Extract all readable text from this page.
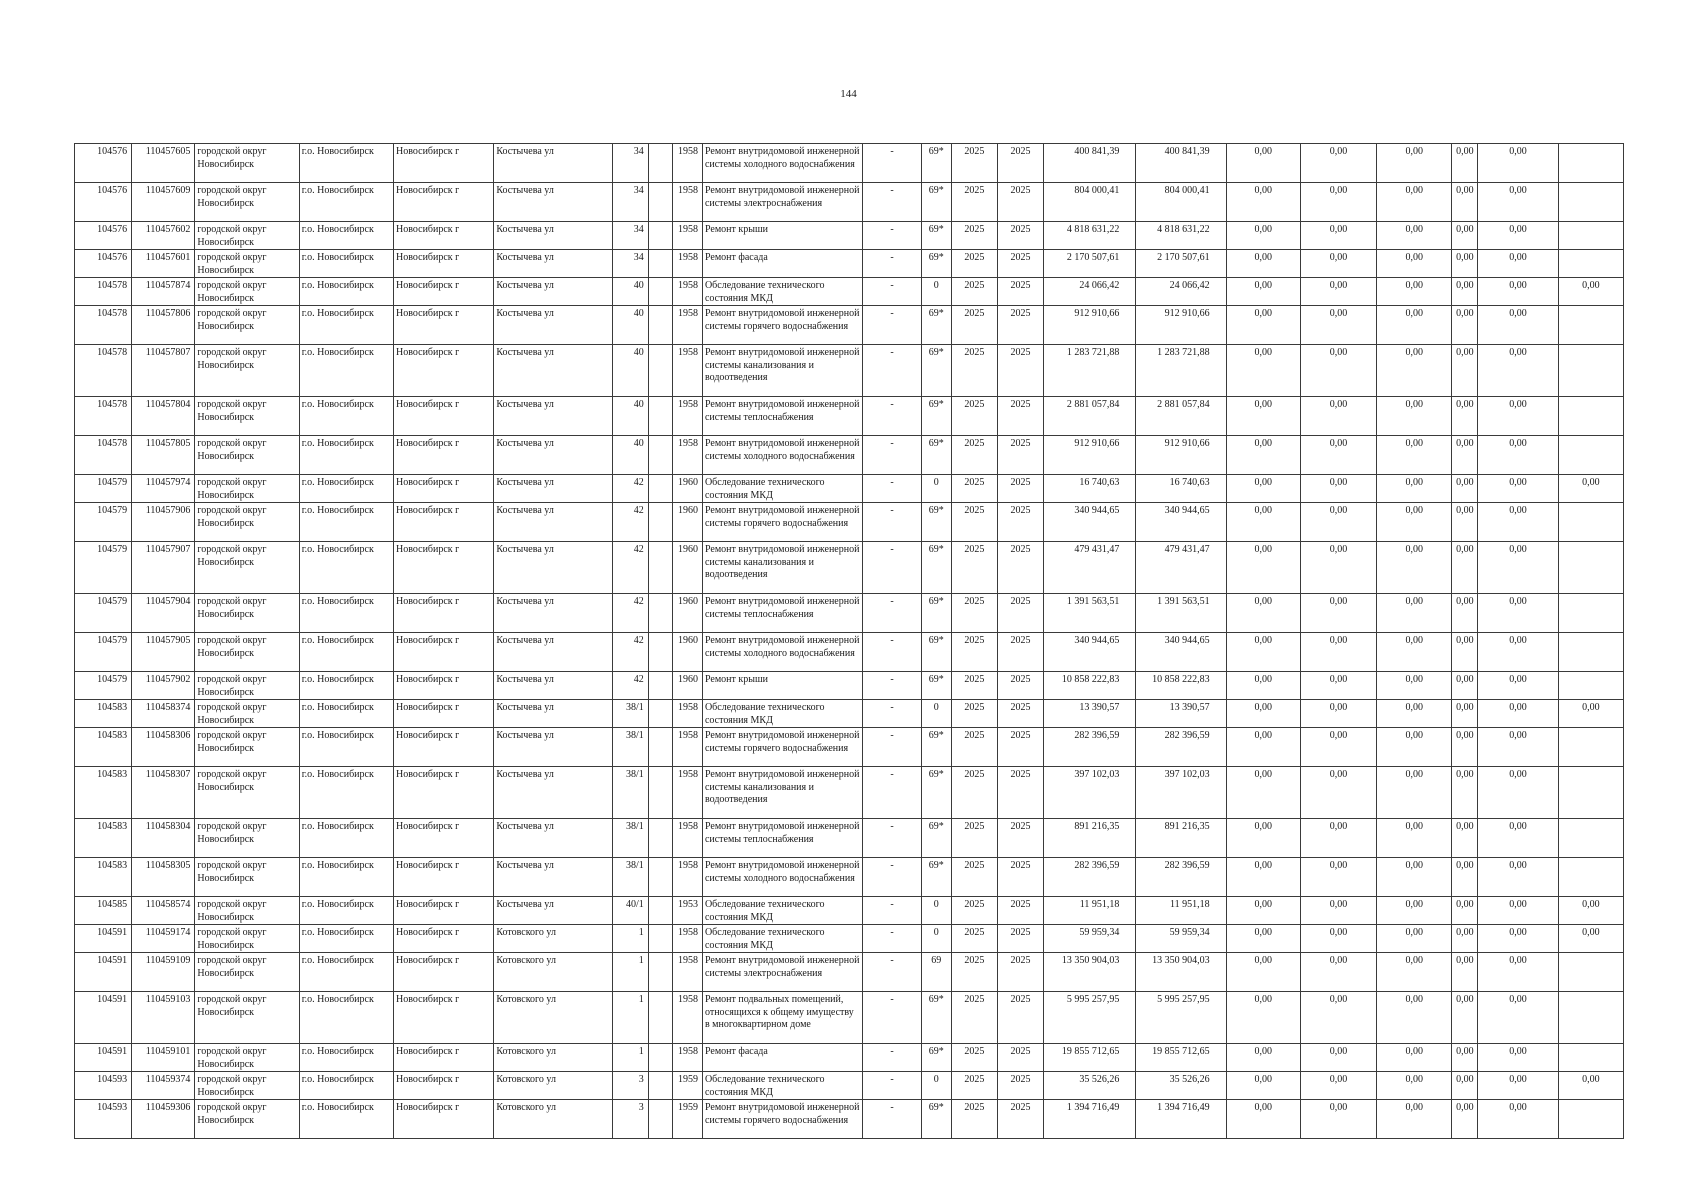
144
104576	110457605	городской округ Новосибирск	г.о. Новосибирск	Новосибирск г	Костычева ул	34		1958	Ремонт внутридомовой инженерной системы холодного водоснабжения	-	69*	2025	2025	400 841,39	400 841,39	0,00	0,00	0,00	0,00	0,00	
104576	110457609	городской округ Новосибирск	г.о. Новосибирск	Новосибирск г	Костычева ул	34		1958	Ремонт внутридомовой инженерной системы электроснабжения	-	69*	2025	2025	804 000,41	804 000,41	0,00	0,00	0,00	0,00	0,00	
104576	110457602	городской округ Новосибирск	г.о. Новосибирск	Новосибирск г	Костычева ул	34		1958	Ремонт крыши	-	69*	2025	2025	4 818 631,22	4 818 631,22	0,00	0,00	0,00	0,00	0,00	
104576	110457601	городской округ Новосибирск	г.о. Новосибирск	Новосибирск г	Костычева ул	34		1958	Ремонт фасада	-	69*	2025	2025	2 170 507,61	2 170 507,61	0,00	0,00	0,00	0,00	0,00	
104578	110457874	городской округ Новосибирск	г.о. Новосибирск	Новосибирск г	Костычева ул	40		1958	Обследование технического состояния МКД	-	0	2025	2025	24 066,42	24 066,42	0,00	0,00	0,00	0,00	0,00	0,00
104578	110457806	городской округ Новосибирск	г.о. Новосибирск	Новосибирск г	Костычева ул	40		1958	Ремонт внутридомовой инженерной системы горячего водоснабжения	-	69*	2025	2025	912 910,66	912 910,66	0,00	0,00	0,00	0,00	0,00	
104578	110457807	городской округ Новосибирск	г.о. Новосибирск	Новосибирск г	Костычева ул	40		1958	Ремонт внутридомовой инженерной системы канализования и водоотведения	-	69*	2025	2025	1 283 721,88	1 283 721,88	0,00	0,00	0,00	0,00	0,00	
104578	110457804	городской округ Новосибирск	г.о. Новосибирск	Новосибирск г	Костычева ул	40		1958	Ремонт внутридомовой инженерной системы теплоснабжения	-	69*	2025	2025	2 881 057,84	2 881 057,84	0,00	0,00	0,00	0,00	0,00	
104578	110457805	городской округ Новосибирск	г.о. Новосибирск	Новосибирск г	Костычева ул	40		1958	Ремонт внутридомовой инженерной системы холодного водоснабжения	-	69*	2025	2025	912 910,66	912 910,66	0,00	0,00	0,00	0,00	0,00	
104579	110457974	городской округ Новосибирск	г.о. Новосибирск	Новосибирск г	Костычева ул	42		1960	Обследование технического состояния МКД	-	0	2025	2025	16 740,63	16 740,63	0,00	0,00	0,00	0,00	0,00	0,00
104579	110457906	городской округ Новосибирск	г.о. Новосибирск	Новосибирск г	Костычева ул	42		1960	Ремонт внутридомовой инженерной системы горячего водоснабжения	-	69*	2025	2025	340 944,65	340 944,65	0,00	0,00	0,00	0,00	0,00	
104579	110457907	городской округ Новосибирск	г.о. Новосибирск	Новосибирск г	Костычева ул	42		1960	Ремонт внутридомовой инженерной системы канализования и водоотведения	-	69*	2025	2025	479 431,47	479 431,47	0,00	0,00	0,00	0,00	0,00	
104579	110457904	городской округ Новосибирск	г.о. Новосибирск	Новосибирск г	Костычева ул	42		1960	Ремонт внутридомовой инженерной системы теплоснабжения	-	69*	2025	2025	1 391 563,51	1 391 563,51	0,00	0,00	0,00	0,00	0,00	
104579	110457905	городской округ Новосибирск	г.о. Новосибирск	Новосибирск г	Костычева ул	42		1960	Ремонт внутридомовой инженерной системы холодного водоснабжения	-	69*	2025	2025	340 944,65	340 944,65	0,00	0,00	0,00	0,00	0,00	
104579	110457902	городской округ Новосибирск	г.о. Новосибирск	Новосибирск г	Костычева ул	42		1960	Ремонт крыши	-	69*	2025	2025	10 858 222,83	10 858 222,83	0,00	0,00	0,00	0,00	0,00	
104583	110458374	городской округ Новосибирск	г.о. Новосибирск	Новосибирск г	Костычева ул	38/1		1958	Обследование технического состояния МКД	-	0	2025	2025	13 390,57	13 390,57	0,00	0,00	0,00	0,00	0,00	0,00
104583	110458306	городской округ Новосибирск	г.о. Новосибирск	Новосибирск г	Костычева ул	38/1		1958	Ремонт внутридомовой инженерной системы горячего водоснабжения	-	69*	2025	2025	282 396,59	282 396,59	0,00	0,00	0,00	0,00	0,00	
104583	110458307	городской округ Новосибирск	г.о. Новосибирск	Новосибирск г	Костычева ул	38/1		1958	Ремонт внутридомовой инженерной системы канализования и водоотведения	-	69*	2025	2025	397 102,03	397 102,03	0,00	0,00	0,00	0,00	0,00	
104583	110458304	городской округ Новосибирск	г.о. Новосибирск	Новосибирск г	Костычева ул	38/1		1958	Ремонт внутридомовой инженерной системы теплоснабжения	-	69*	2025	2025	891 216,35	891 216,35	0,00	0,00	0,00	0,00	0,00	
104583	110458305	городской округ Новосибирск	г.о. Новосибирск	Новосибирск г	Костычева ул	38/1		1958	Ремонт внутридомовой инженерной системы холодного водоснабжения	-	69*	2025	2025	282 396,59	282 396,59	0,00	0,00	0,00	0,00	0,00	
104585	110458574	городской округ Новосибирск	г.о. Новосибирск	Новосибирск г	Костычева ул	40/1		1953	Обследование технического состояния МКД	-	0	2025	2025	11 951,18	11 951,18	0,00	0,00	0,00	0,00	0,00	0,00
104591	110459174	городской округ Новосибирск	г.о. Новосибирск	Новосибирск г	Котовского ул	1		1958	Обследование технического состояния МКД	-	0	2025	2025	59 959,34	59 959,34	0,00	0,00	0,00	0,00	0,00	0,00
104591	110459109	городской округ Новосибирск	г.о. Новосибирск	Новосибирск г	Котовского ул	1		1958	Ремонт внутридомовой инженерной системы электроснабжения	-	69	2025	2025	13 350 904,03	13 350 904,03	0,00	0,00	0,00	0,00	0,00	
104591	110459103	городской округ Новосибирск	г.о. Новосибирск	Новосибирск г	Котовского ул	1		1958	Ремонт подвальных помещений, относящихся к общему имуществу в многоквартирном доме	-	69*	2025	2025	5 995 257,95	5 995 257,95	0,00	0,00	0,00	0,00	0,00	
104591	110459101	городской округ Новосибирск	г.о. Новосибирск	Новосибирск г	Котовского ул	1		1958	Ремонт фасада	-	69*	2025	2025	19 855 712,65	19 855 712,65	0,00	0,00	0,00	0,00	0,00	
104593	110459374	городской округ Новосибирск	г.о. Новосибирск	Новосибирск г	Котовского ул	3		1959	Обследование технического состояния МКД	-	0	2025	2025	35 526,26	35 526,26	0,00	0,00	0,00	0,00	0,00	0,00
104593	110459306	городской округ Новосибирск	г.о. Новосибирск	Новосибирск г	Котовского ул	3		1959	Ремонт внутридомовой инженерной системы горячего водоснабжения	-	69*	2025	2025	1 394 716,49	1 394 716,49	0,00	0,00	0,00	0,00	0,00	
